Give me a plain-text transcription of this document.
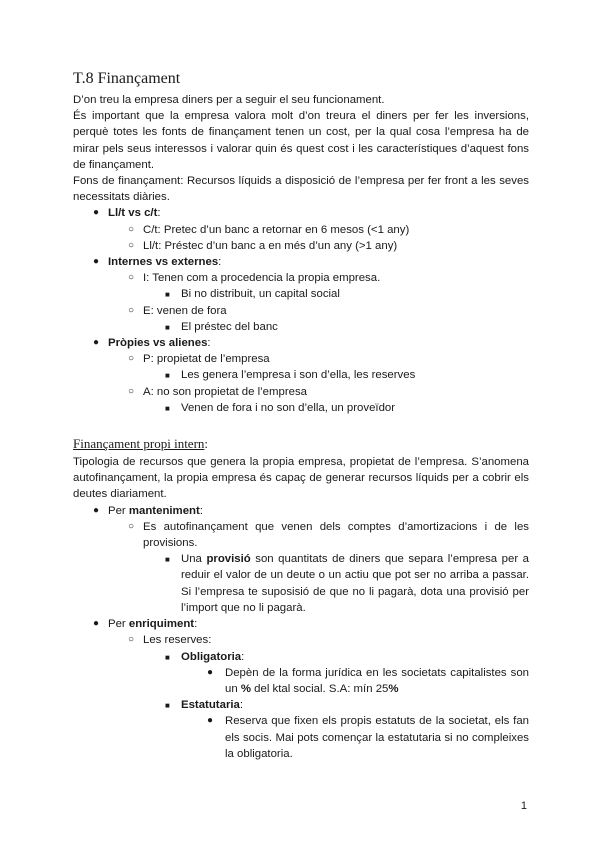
T.8 Finançament

D’on treu la empresa diners per a seguir el seu funcionament.

És important que la empresa valora molt d’on treura el diners per fer les inversions, perquè totes les fonts de finançament tenen un cost, per la qual cosa l’empresa ha de mirar pels seus interessos i valorar quin és quest cost i les característiques d’aquest fons de finançament.

Fons de finançament: Recursos líquids a disposició de l’empresa per fer front a les seves necessitats diàries.

● Ll/t vs c/t:
○ C/t: Pretec d’un banc a retornar en 6 mesos (<1 any)
○ Ll/t: Préstec d’un banc a en més d’un any (>1 any)
● Internes vs externes:
○ I: Tenen com a procedencia la propia empresa.
■ Bi no distribuit, un capital social
○ E: venen de fora
■ El préstec del banc
● Pròpies vs alienes:
○ P: propietat de l’empresa
■ Les genera l’empresa i son d’ella, les reserves
○ A: no son propietat de l’empresa
■ Venen de fora i no son d’ella, un proveïdor
Finançament propi intern:

Tipologia de recursos que genera la propia empresa, propietat de l’empresa. S’anomena autofinançament, la propia empresa és capaç de generar recursos líquids per a cobrir els deutes diariament.

● Per manteniment:
○ Es autofinançament que venen dels comptes d’amortizacions i de les provisions.
■ Una provisió son quantitats de diners que separa l’empresa per a reduir el valor de un deute o un actiu que pot ser no arriba a passar. Si l’empresa te suposisió de que no li pagarà, dota una provisió per l’import que no li pagarà.
● Per enriquiment:
○ Les reserves:
■ Obligatoria:
● Depèn de la forma jurídica en les societats capitalistes son un % del ktal social. S.A: mín 25%
■ Estatutaria:
● Reserva que fixen els propis estatuts de la societat, els fan els socis. Mai pots començar la estatutaria si no compleixes la obligatoria.
1
